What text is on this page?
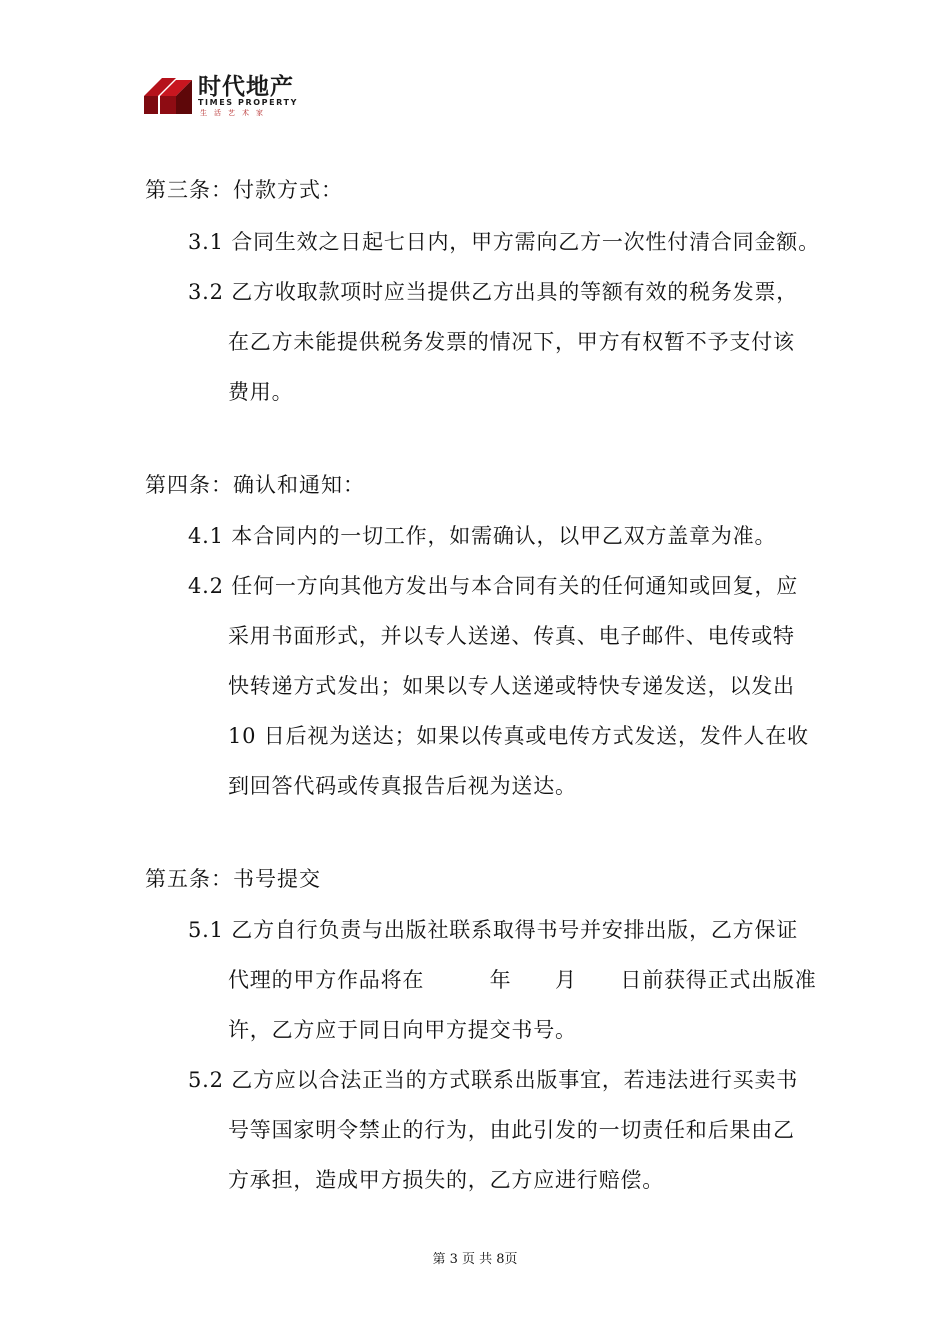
时代地产
TIMES PROPERTY
生活艺术家
第三条：付款方式：
3.1 合同生效之日起七日内，甲方需向乙方一次性付清合同金额。
3.2 乙方收取款项时应当提供乙方出具的等额有效的税务发票，
在乙方未能提供税务发票的情况下，甲方有权暂不予支付该
费用。
第四条：确认和通知：
4.1 本合同内的一切工作，如需确认，以甲乙双方盖章为准。
4.2 任何一方向其他方发出与本合同有关的任何通知或回复，应
采用书面形式，并以专人送递、传真、电子邮件、电传或特
快转递方式发出；如果以专人送递或特快专递发送，以发出
10 日后视为送达；如果以传真或电传方式发送，发件人在收
到回答代码或传真报告后视为送达。
第五条：书号提交
5.1 乙方自行负责与出版社联系取得书号并安排出版，乙方保证
代理的甲方作品将在　　　年　　月　　日前获得正式出版准
许，乙方应于同日向甲方提交书号。
5.2 乙方应以合法正当的方式联系出版事宜，若违法进行买卖书
号等国家明令禁止的行为，由此引发的一切责任和后果由乙
方承担，造成甲方损失的，乙方应进行赔偿。
第 3 页 共 8页
